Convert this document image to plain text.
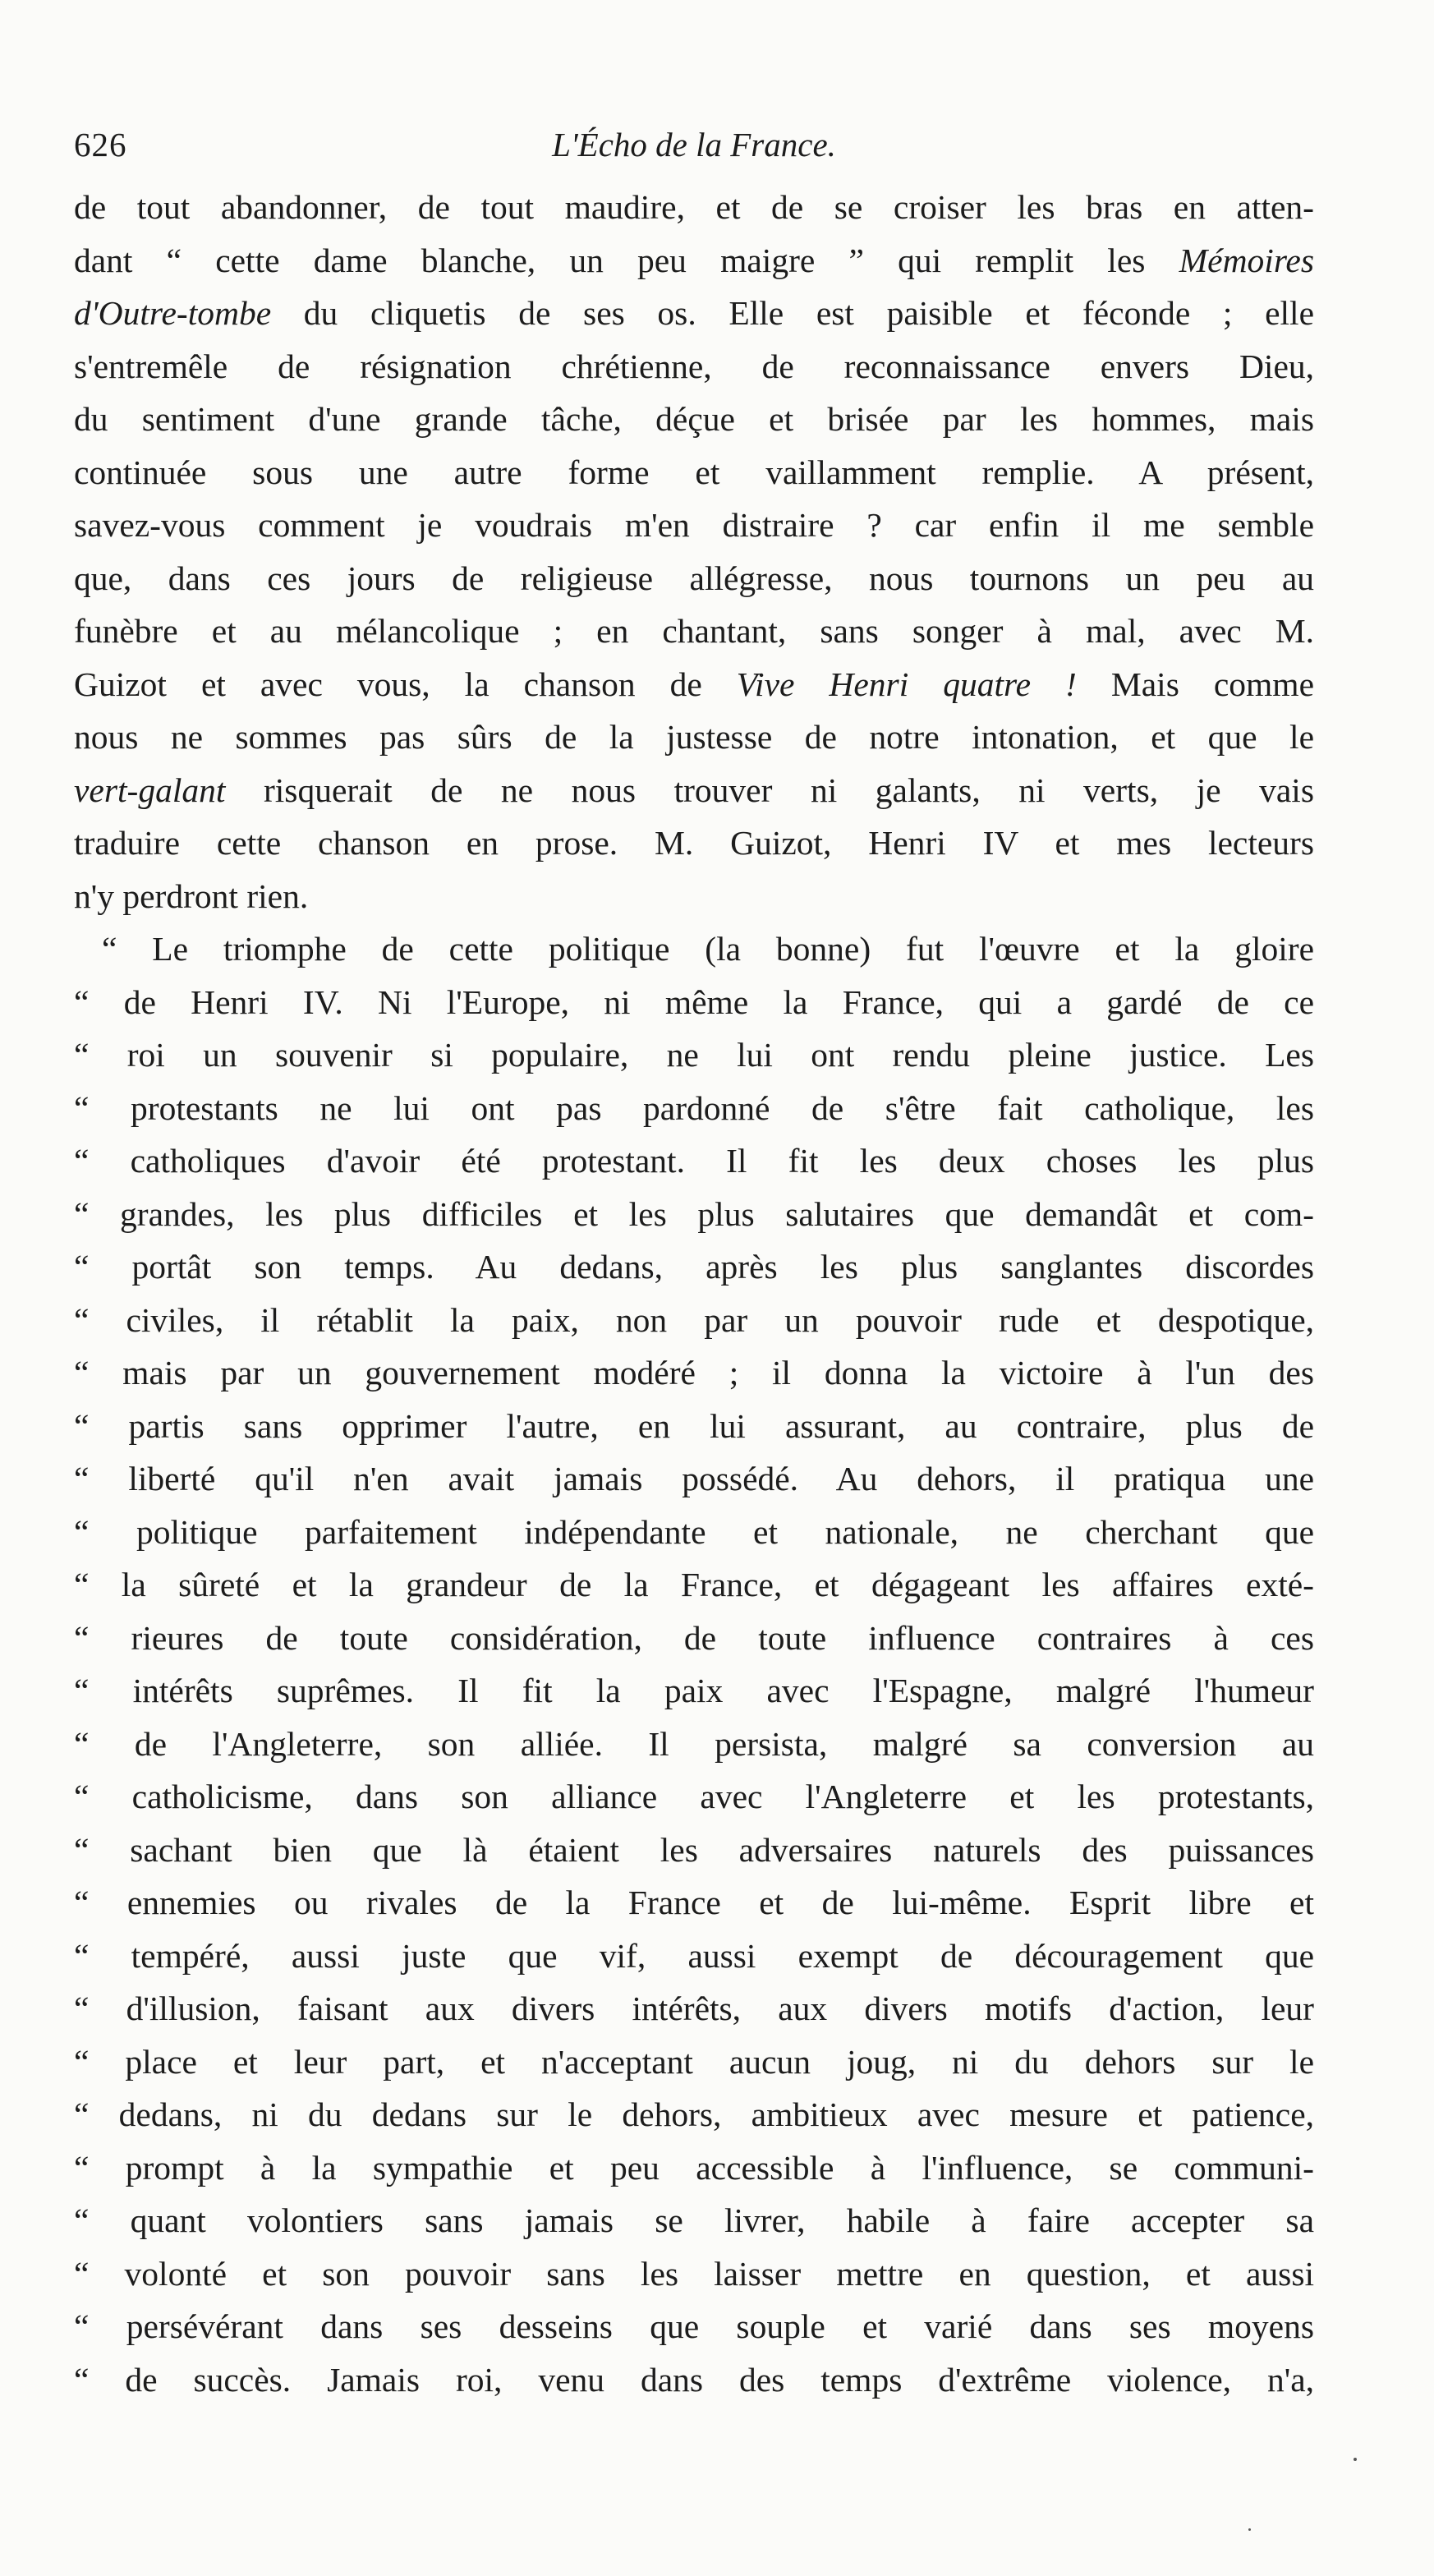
626	L'Écho de la France.
de tout abandonner, de tout maudire, et de se croiser les bras en atten-
dant “ cette dame blanche, un peu maigre ” qui remplit les Mémoires
d'Outre-tombe du cliquetis de ses os. Elle est paisible et féconde ; elle
s'entremêle de résignation chrétienne, de reconnaissance envers Dieu,
du sentiment d'une grande tâche, déçue et brisée par les hommes, mais
continuée sous une autre forme et vaillamment remplie. A présent,
savez-vous comment je voudrais m'en distraire ? car enfin il me semble
que, dans ces jours de religieuse allégresse, nous tournons un peu au
funèbre et au mélancolique ; en chantant, sans songer à mal, avec M.
Guizot et avec vous, la chanson de Vive Henri quatre ! Mais comme
nous ne sommes pas sûrs de la justesse de notre intonation, et que le
vert-galant risquerait de ne nous trouver ni galants, ni verts, je vais
traduire cette chanson en prose. M. Guizot, Henri IV et mes lecteurs
n'y perdront rien.
“ Le triomphe de cette politique (la bonne) fut l'œuvre et la gloire
“ de Henri IV. Ni l'Europe, ni même la France, qui a gardé de ce
“ roi un souvenir si populaire, ne lui ont rendu pleine justice. Les
“ protestants ne lui ont pas pardonné de s'être fait catholique, les
“ catholiques d'avoir été protestant. Il fit les deux choses les plus
“ grandes, les plus difficiles et les plus salutaires que demandât et com-
“ portât son temps. Au dedans, après les plus sanglantes discordes
“ civiles, il rétablit la paix, non par un pouvoir rude et despotique,
“ mais par un gouvernement modéré ; il donna la victoire à l'un des
“ partis sans opprimer l'autre, en lui assurant, au contraire, plus de
“ liberté qu'il n'en avait jamais possédé. Au dehors, il pratiqua une
“ politique parfaitement indépendante et nationale, ne cherchant que
“ la sûreté et la grandeur de la France, et dégageant les affaires exté-
“ rieures de toute considération, de toute influence contraires à ces
“ intérêts suprêmes. Il fit la paix avec l'Espagne, malgré l'humeur
“ de l'Angleterre, son alliée. Il persista, malgré sa conversion au
“ catholicisme, dans son alliance avec l'Angleterre et les protestants,
“ sachant bien que là étaient les adversaires naturels des puissances
“ ennemies ou rivales de la France et de lui-même. Esprit libre et
“ tempéré, aussi juste que vif, aussi exempt de découragement que
“ d'illusion, faisant aux divers intérêts, aux divers motifs d'action, leur
“ place et leur part, et n'acceptant aucun joug, ni du dehors sur le
“ dedans, ni du dedans sur le dehors, ambitieux avec mesure et patience,
“ prompt à la sympathie et peu accessible à l'influence, se communi-
“ quant volontiers sans jamais se livrer, habile à faire accepter sa
“ volonté et son pouvoir sans les laisser mettre en question, et aussi
“ persévérant dans ses desseins que souple et varié dans ses moyens
“ de succès. Jamais roi, venu dans des temps d'extrême violence, n'a,
